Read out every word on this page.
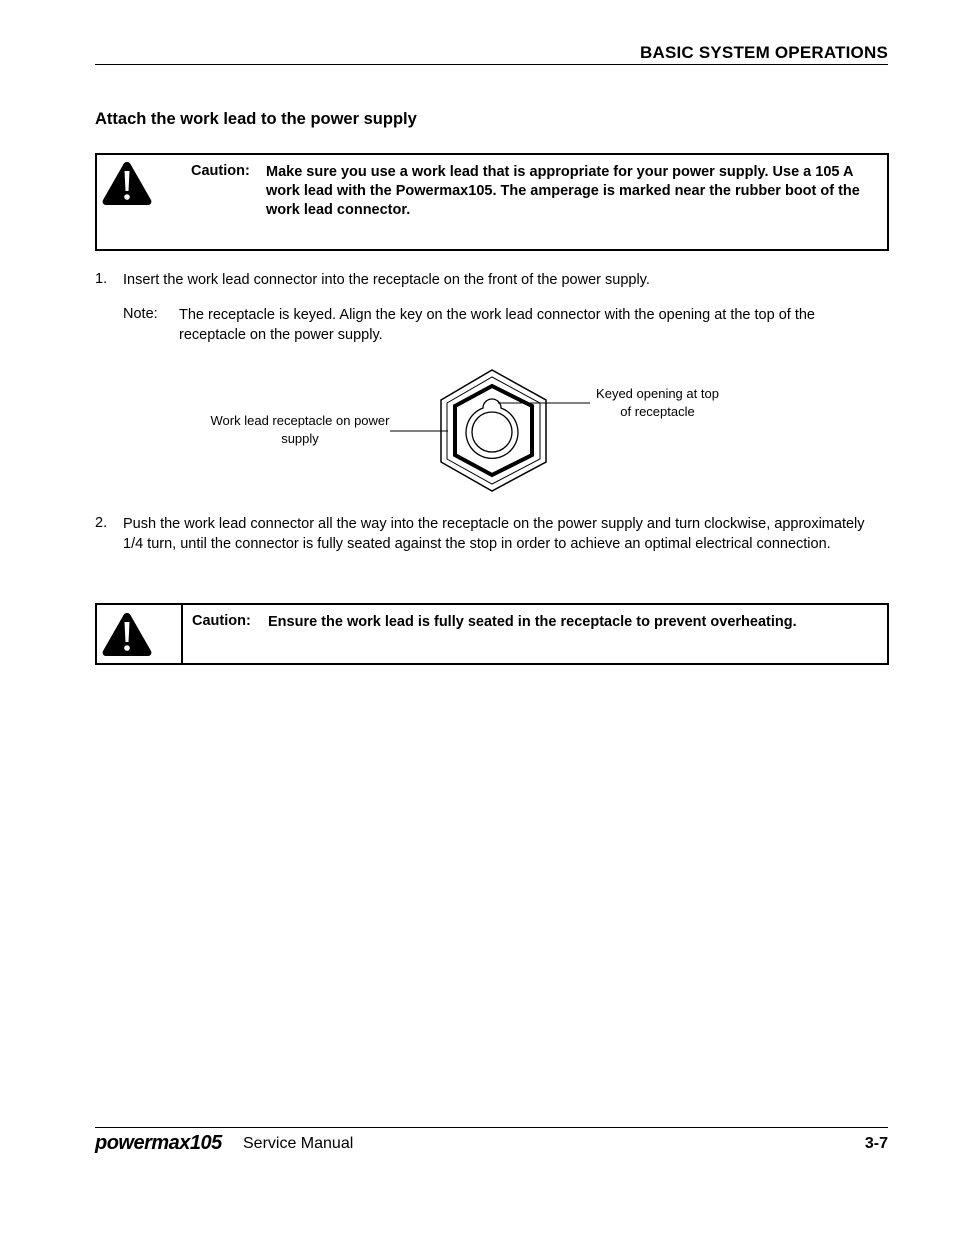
BASIC SYSTEM OPERATIONS
Attach the work lead to the power supply
Caution: Make sure you use a work lead that is appropriate for your power supply. Use a 105 A work lead with the Powermax105. The amperage is marked near the rubber boot of the work lead connector.
1. Insert the work lead connector into the receptacle on the front of the power supply.
Note: The receptacle is keyed. Align the key on the work lead connector with the opening at the top of the receptacle on the power supply.
Work lead receptacle on power supply
Keyed opening at top of receptacle
2. Push the work lead connector all the way into the receptacle on the power supply and turn clockwise, approximately 1/4 turn, until the connector is fully seated against the stop in order to achieve an optimal electrical connection.
Caution: Ensure the work lead is fully seated in the receptacle to prevent overheating.
powermax105 Service Manual	3-7
